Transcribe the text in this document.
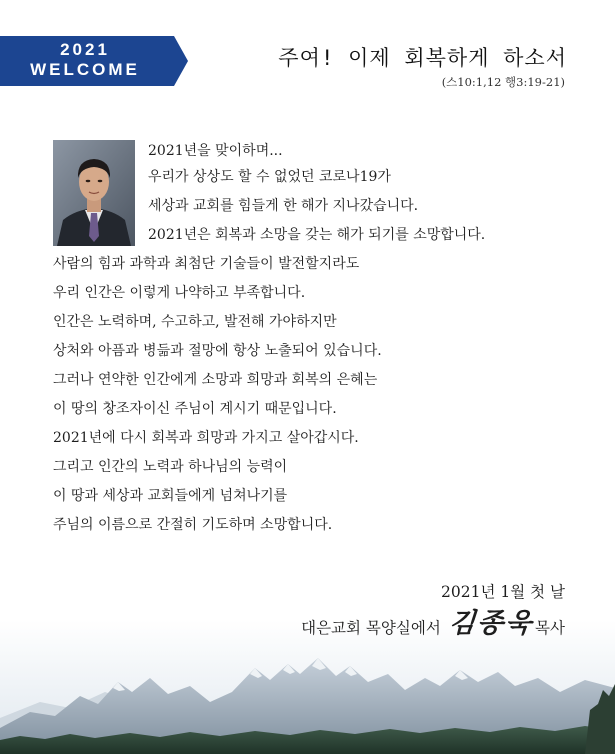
2021
WELCOME	주여! 이제 회복하게 하소서
(스10:1,12 행3:19-21)
2021년을 맞이하며...
우리가 상상도 할 수 없었던 코로나19가
세상과 교회를 힘들게 한 해가 지나갔습니다.
2021년은 회복과 소망을 갖는 해가 되기를 소망합니다.
사람의 힘과 과학과 최첨단 기술들이 발전할지라도
우리 인간은 이렇게 나약하고 부족합니다.
인간은 노력하며, 수고하고, 발전해 가야하지만
상처와 아픔과 병듦과 절망에 항상 노출되어 있습니다.
그러나 연약한 인간에게 소망과 희망과 회복의 은혜는
이 땅의 창조자이신 주님이 계시기 때문입니다.
2021년에 다시 회복과 희망과 가지고 살아갑시다.
그리고 인간의 노력과 하나님의 능력이
이 땅과 세상과 교회들에게 넘쳐나기를
주님의 이름으로 간절히 기도하며 소망합니다.
2021년 1월 첫 날
대은교회 목양실에서 김종욱 목사
